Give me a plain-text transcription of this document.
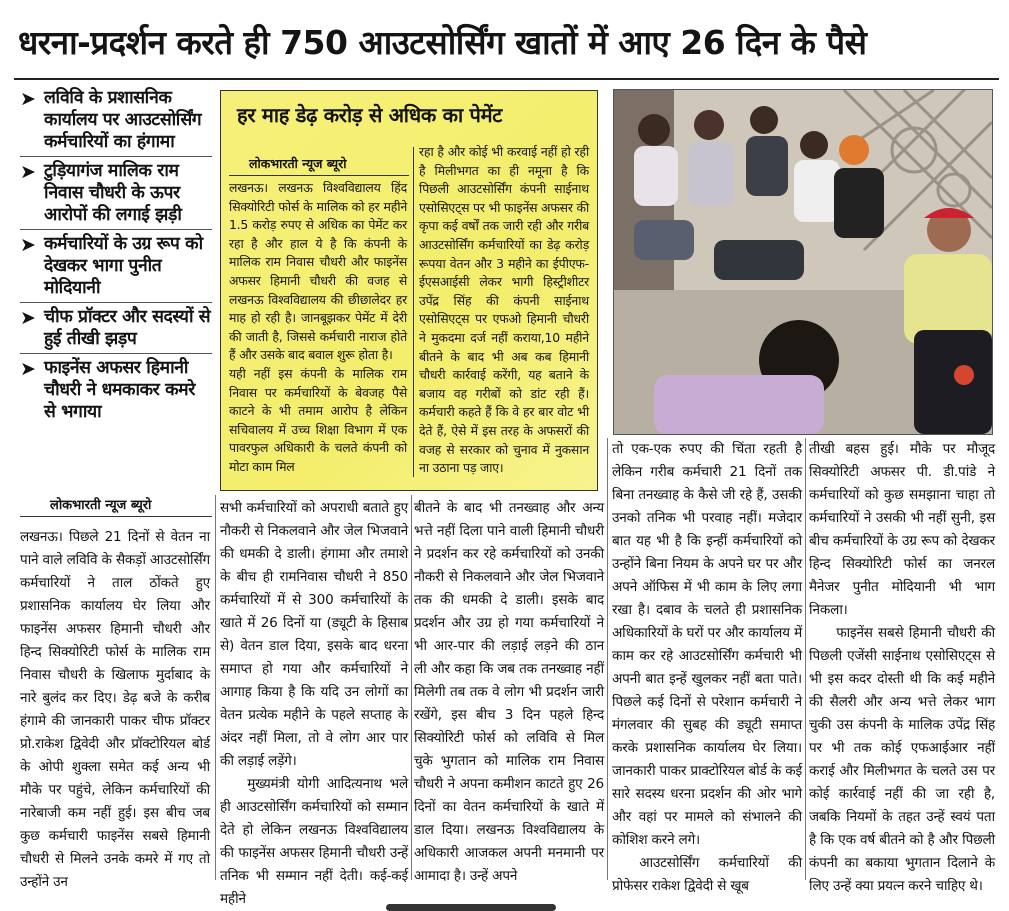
धरना-प्रदर्शन करते ही 750 आउटसोर्सिंग खातों में आए 26 दिन के पैसे
➤ लविवि के प्रशासनिक कार्यालय पर आउटसोर्सिंग कर्मचारियों का हंगामा
➤ टुड़ियागंज मालिक राम निवास चौधरी के ऊपर आरोपों की लगाई झड़ी
➤ कर्मचारियों के उग्र रूप को देखकर भागा पुनीत मोदियानी
➤ चीफ प्रॉक्टर और सदस्यों से हुई तीखी झड़प
➤ फाइनेंस अफसर हिमानी चौधरी ने धमकाकर कमरे से भगाया
लोकभारती न्यूज ब्यूरो
हर माह डेढ़ करोड़ से अधिक का पेमेंट
लोकभारती न्यूज ब्यूरो

लखनऊ। लखनऊ विश्वविद्यालय हिंद सिक्योरिटी फोर्स के मालिक को हर महीने 1.5 करोड़ रुपए से अधिक का पेमेंट कर रहा है और हाल ये है कि कंपनी के मालिक राम निवास चौधरी और फाइनेंस अफसर हिमानी चौधरी की वजह से लखनऊ विश्वविद्यालय की छीछालेदर हर माह हो रही है। जानबूझकर पेमेंट में देरी की जाती है, जिससे कर्मचारी नाराज होते हैं और उसके बाद बवाल शुरू होता है।

यही नहीं इस कंपनी के मालिक राम निवास पर कर्मचारियों के बेवजह पैसे काटने के भी तमाम आरोप है लेकिन सचिवालय में उच्च शिक्षा विभाग में एक पावरफुल अधिकारी के चलते कंपनी को मोटा काम मिल

रहा है और कोई भी करवाई नहीं हो रही है मिलीभगत का ही नमूना है कि पिछली आउटसोर्सिंग कंपनी साईनाथ एसोसिएट्स पर भी फाइनेंस अफसर की कृपा कई वर्षों तक जारी रही और गरीब आउटसोर्सिंग कर्मचारियों का डेढ़ करोड़ रूपया वेतन और 3 महीने का ईपीएफ-ईएसआईसी लेकर भागी हिस्ट्रीशीटर उपेंद्र सिंह की कंपनी साईनाथ एसोसिएट्स पर एफओ हिमानी चौधरी ने मुकदमा दर्ज नहीं कराया,10 महीने बीतने के बाद भी अब कब हिमानी चौधरी कार्रवाई करेंगी, यह बताने के बजाय वह गरीबों को डांट रही हैं। कर्मचारी कहते हैं कि वे हर बार वोट भी देते हैं, ऐसे में इस तरह के अफसरों की वजह से सरकार को चुनाव में नुकसान ना उठाना पड़ जाए।

लखनऊ। पिछले 21 दिनों से वेतन ना पाने वाले लविवि के सैकड़ों आउटसोर्सिंग कर्मचारियों ने ताल ठोंकते हुए प्रशासनिक कार्यालय घेर लिया और फाइनेंस अफसर हिमानी चौधरी और हिन्द सिक्योरिटी फोर्स के मालिक राम निवास चौधरी के खिलाफ मुर्दाबाद के नारे बुलंद कर दिए। डेढ़ बजे के करीब हंगामे की जानकारी पाकर चीफ प्रॉक्टर प्रो.राकेश द्विवेदी और प्रॉक्टोरियल बोर्ड के ओपी शुक्ला समेत कई अन्य भी मौके पर पहुंचे, लेकिन कर्मचारियों की नारेबाजी कम नहीं हुई। इस बीच जब कुछ कर्मचारी फाइनेंस सबसे हिमानी चौधरी से मिलने उनके कमरे में गए तो उन्होंने उन

सभी कर्मचारियों को अपराधी बताते हुए नौकरी से निकलवाने और जेल भिजवाने की धमकी दे डाली। हंगामा और तमाशे के बीच ही रामनिवास चौधरी ने 850 कर्मचारियों में से 300 कर्मचारियों के खाते में 26 दिनों या (ड्यूटी के हिसाब से) वेतन डाल दिया, इसके बाद धरना समाप्त हो गया और कर्मचारियों ने आगाह किया है कि यदि उन लोगों का वेतन प्रत्येक महीने के पहले सप्ताह के अंदर नहीं मिला, तो वे लोग आर पार की लड़ाई लड़ेंगे।

मुख्यमंत्री योगी आदित्यनाथ भले ही आउटसोर्सिंग कर्मचारियों को सम्मान देते हो लेकिन लखनऊ विश्वविद्यालय की फाइनेंस अफसर हिमानी चौधरी उन्हें तनिक भी सम्मान नहीं देती। कई-कई महीने

बीतने के बाद भी तनख्वाह और अन्य भत्ते नहीं दिला पाने वाली हिमानी चौधरी ने प्रदर्शन कर रहे कर्मचारियों को उनकी नौकरी से निकलवाने और जेल भिजवाने तक की धमकी दे डाली। इसके बाद प्रदर्शन और उग्र हो गया कर्मचारियों ने भी आर-पार की लड़ाई लड़ने की ठान ली और कहा कि जब तक तनख्वाह नहीं मिलेगी तब तक वे लोग भी प्रदर्शन जारी रखेंगे, इस बीच 3 दिन पहले हिन्द सिक्योरिटी फोर्स को लविवि से मिल चुके भुगतान को मालिक राम निवास चौधरी ने अपना कमीशन काटते हुए 26 दिनों का वेतन कर्मचारियों के खाते में डाल दिया। लखनऊ विश्वविद्यालय के अधिकारी आजकल अपनी मनमानी पर आमादा है। उन्हें अपने

तो एक-एक रुपए की चिंता रहती है लेकिन गरीब कर्मचारी 21 दिनों तक बिना तनख्वाह के कैसे जी रहे हैं, उसकी उनको तनिक भी परवाह नहीं। मजेदार बात यह भी है कि इन्हीं कर्मचारियों को उन्होंने बिना नियम के अपने घर पर और अपने ऑफिस में भी काम के लिए लगा रखा है। दबाव के चलते ही प्रशासनिक अधिकारियों के घरों पर और कार्यालय में काम कर रहे आउटसोर्सिंग कर्मचारी भी अपनी बात इन्हें खुलकर नहीं बता पाते। पिछले कई दिनों से परेशान कर्मचारी ने मंगलवार की सुबह की ड्यूटी समाप्त करके प्रशासनिक कार्यालय घेर लिया। जानकारी पाकर प्राक्टोरियल बोर्ड के कई सारे सदस्य धरना प्रदर्शन की ओर भागे और वहां पर मामले को संभालने की कोशिश करने लगे।

आउटसोर्सिंग कर्मचारियों की प्रोफेसर राकेश द्विवेदी से खूब

तीखी बहस हुई। मौके पर मौजूद सिक्योरिटी अफसर पी. डी.पांडे ने कर्मचारियों को कुछ समझाना चाहा तो कर्मचारियों ने उसकी भी नहीं सुनी, इस बीच कर्मचारियों के उग्र रूप को देखकर हिन्द सिक्योरिटी फोर्स का जनरल मैनेजर पुनीत मोदियानी भी भाग निकला।

फाइनेंस सबसे हिमानी चौधरी की पिछली एजेंसी साईनाथ एसोसिएट्स से भी इस कदर दोस्ती थी कि कई महीने की सैलरी और अन्य भत्ते लेकर भाग चुकी उस कंपनी के मालिक उपेंद्र सिंह पर भी तक कोई एफआईआर नहीं कराई और मिलीभगत के चलते उस पर कोई कार्रवाई नहीं की जा रही है, जबकि नियमों के तहत उन्हें स्वयं पता है कि एक वर्ष बीतने को है और पिछली कंपनी का बकाया भुगतान दिलाने के लिए उन्हें क्या प्रयत्न करने चाहिए थे।
